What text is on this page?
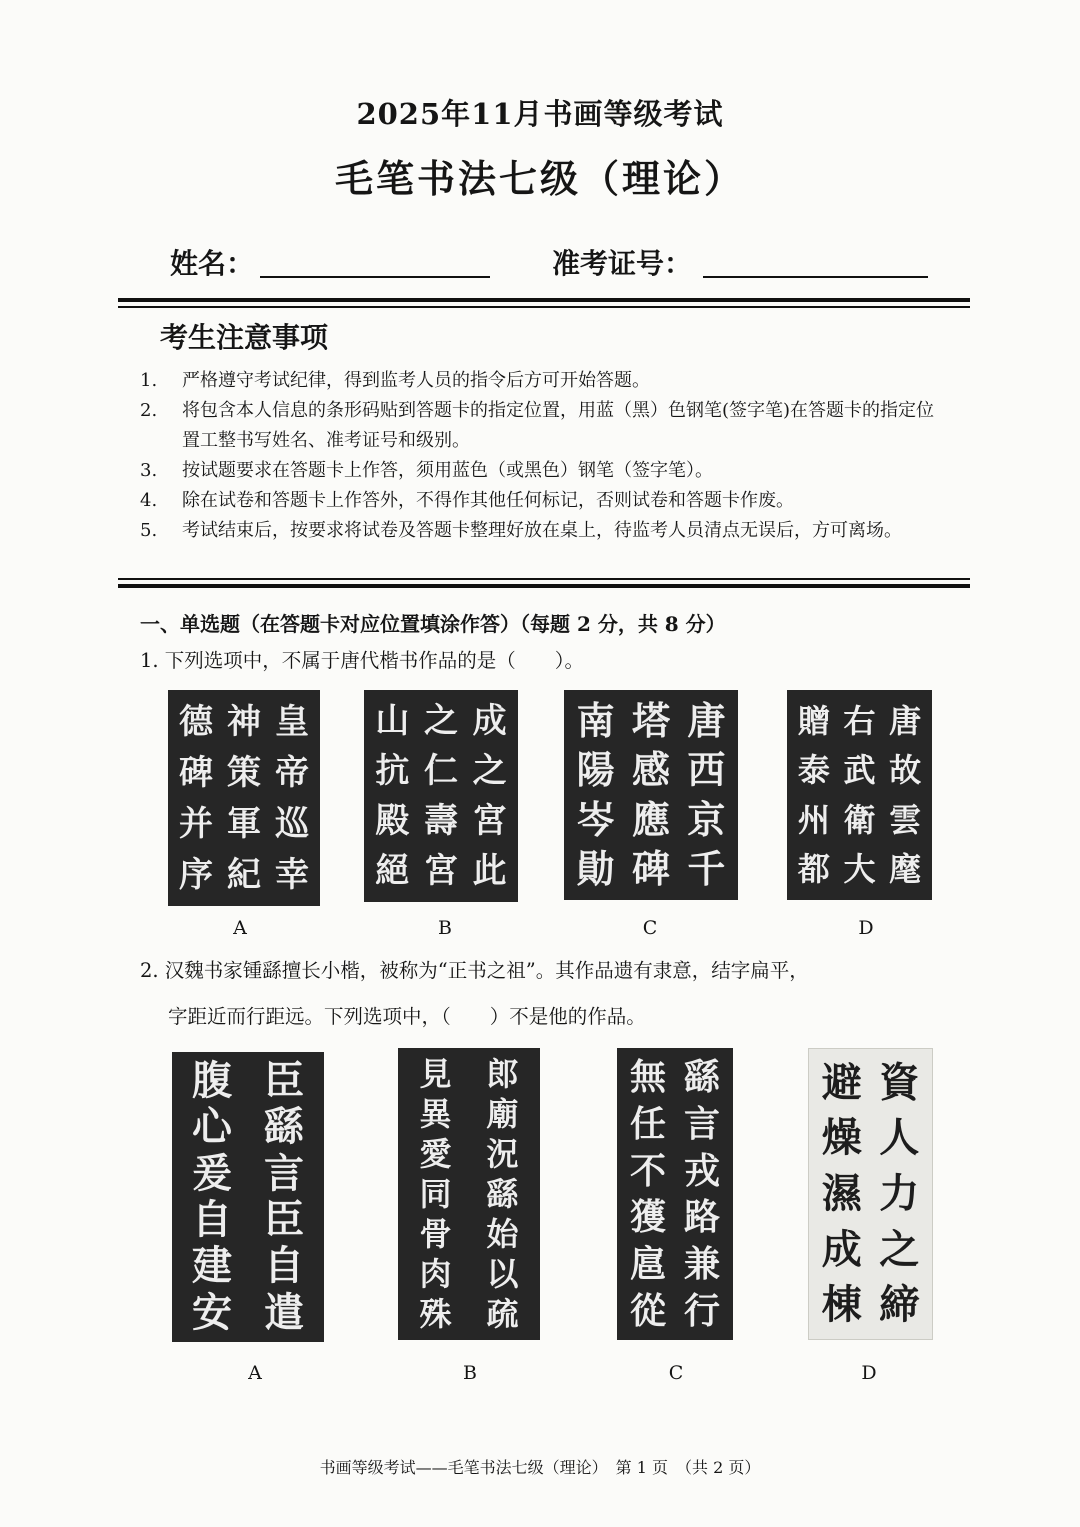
2025年11月书画等级考试
毛笔书法七级（理论）
姓名：	准考证号：
考生注意事项
1.	严格遵守考试纪律，得到监考人员的指令后方可开始答题。
2.	将包含本人信息的条形码贴到答题卡的指定位置，用蓝（黑）色钢笔(签字笔)在答题卡的指定位置工整书写姓名、准考证号和级别。
3.	按试题要求在答题卡上作答，须用蓝色（或黑色）钢笔（签字笔）。
4.	除在试卷和答题卡上作答外，不得作其他任何标记，否则试卷和答题卡作废。
5.	考试结束后，按要求将试卷及答题卡整理好放在桌上，待监考人员清点无误后，方可离场。
一、单选题（在答题卡对应位置填涂作答）（每题 2 分，共 8 分）
1. 下列选项中，不属于唐代楷书作品的是（　　）。
皇
帝
巡
幸
神
策
軍
紀
德
碑
并
序
成
之
宮
此
之
仁
壽
宮
山
抗
殿
絕
唐
西
京
千
塔
感
應
碑
南
陽
岑
勛
唐
故
雲
麾
右
武
衛
大
贈
泰
州
都
A	B	C	D
2. 汉魏书家锺繇擅长小楷，被称为“正书之祖”。其作品遗有隶意，结字扁平，
字距近而行距远。下列选项中，（　　）不是他的作品。
臣
繇
言
臣
自
遣
腹
心
爰
自
建
安
郎
廟
況
繇
始
以
疏
見
異
愛
同
骨
肉
殊
繇
言
戎
路
兼
行
無
任
不
獲
扈
從
資
人
力
之
締
避
燥
濕
成
棟
A	B	C	D
书画等级考试——毛笔书法七级（理论）　第 1 页　（共 2 页）
